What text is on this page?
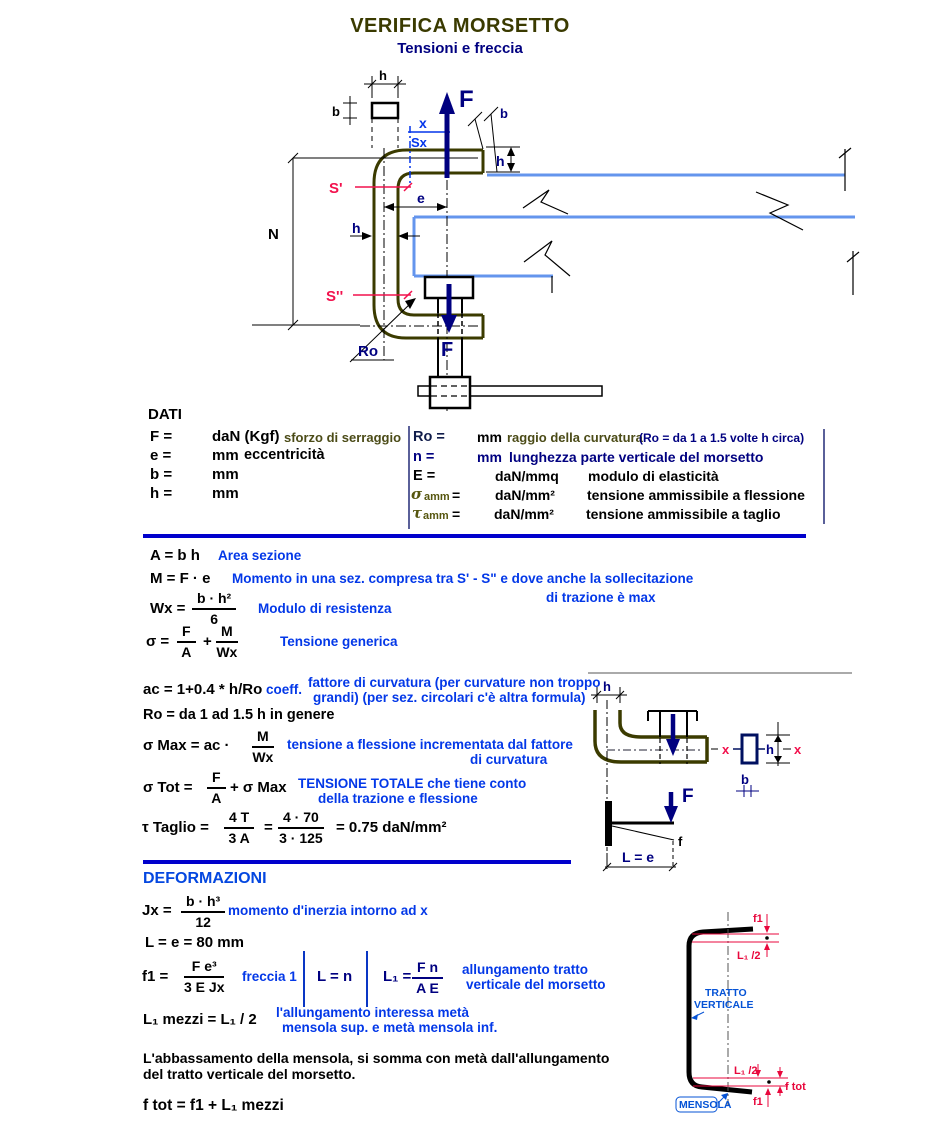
VERIFICA MORSETTO
Tensioni e freccia
h
b
N
x
Sx
F
b
h
e
h
S'
S''
Ro	F
DATI
F =	daN (Kgf) sforzo di serraggio
e =	mm eccentricità
b =	mm
h =	mm
Ro = mm raggio della curvatura
(Ro = da 1 a 1.5 volte h circa)
n =	mm lunghezza parte verticale del morsetto
E =	daN/mmq modulo di elasticità
σ amm = daN/mm² tensione ammissibile a flessione
τ amm = daN/mm² tensione ammissibile a taglio
A = b h Area sezione
M = F · e Momento in una sez. compresa tra S' - S" e dove anche la sollecitazione
di trazione è max
$Wx = \frac{\text{b · h²}}{6}$ Modulo di resistenza
$\sigma = \frac{F}{A} + \frac{M}{Wx}$	Tensione generica
ac = 1+0.4 * h/Ro coeff. fattore di curvatura (per curvature non troppo
grandi) (per sez. circolari c'è altra formula)
Ro = da 1 ad 1.5 h in genere
σ Max = ac · $\frac{M}{Wx}$ tensione a flessione incrementata dal fattore
di curvatura
σ Tot = $\frac{F}{A} + \sigma$ Max TENSIONE TOTALE che tiene conto
della trazione e flessione
τ Taglio = $\frac{4 T}{3 A} = \frac{4 \cdot 70}{3 \cdot 125} = 0.75$ daN/mm²
DEFORMAZIONI
$Jx = \frac{\text{b · h³}}{12}$ momento d'inerzia intorno ad x
L = e = 80 mm
$f1 = \frac{\text{F e³}}{\text{3 E Jx}}$ freccia 1 L = n $L_1 = \frac{\text{F n}}{\text{A E}}$ allungamento tratto
verticale del morsetto
L₁ mezzi = L₁ / 2 l'allungamento interessa metà
mensola sup. e metà mensola inf.
L'abbassamento della mensola, si somma con metà dall'allungamento
del tratto verticale del morsetto.
f tot = f1 + L₁ mezzi
h
x	h x
b
f
F
L = e
f1
L₁ /2
TRATTO
VERTICALE
L₁ /2
f tot
f1
MENSOLA
